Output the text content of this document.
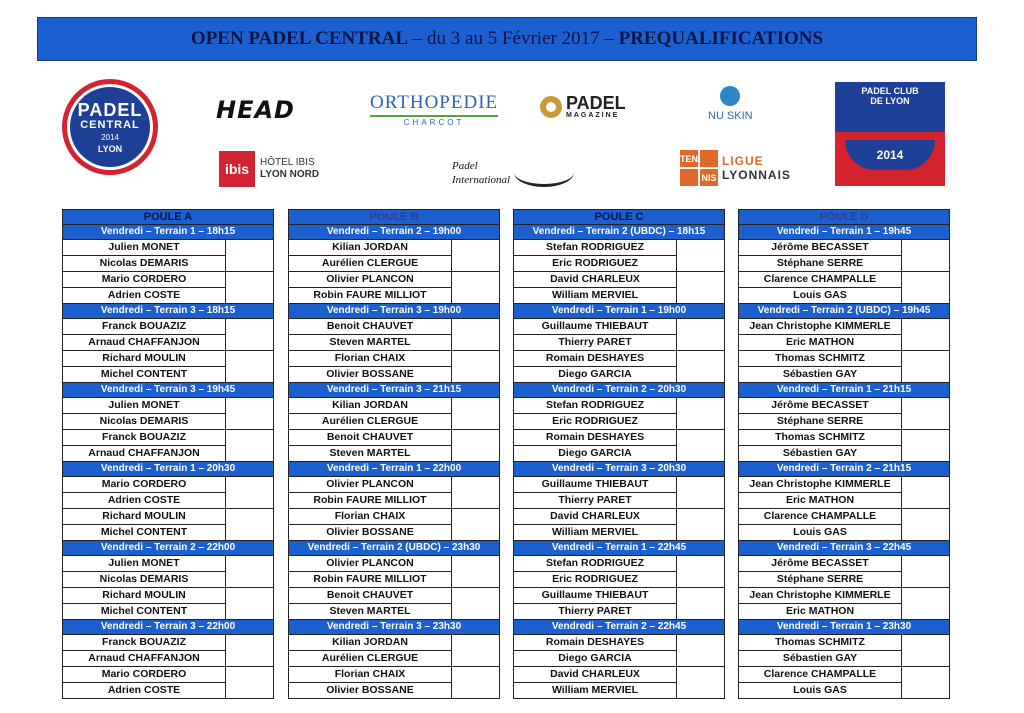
OPEN PADEL CENTRAL – du 3 au 5 Février 2017 – PREQUALIFICATIONS
PADEL
CENTRAL
2014
LYON
HEAD	ORTHOPEDIE
CHARCOT
PADEL
MAGAZINE	NU SKIN
ibis	HÔTEL IBIS
LYON NORD
Padel
International
TEN
NIS
LIGUE
LYONNAIS
PADEL CLUB
DE LYON
2014
POULE A
Vendredi – Terrain 1 – 18h15
Julien MONET
Nicolas DEMARIS
Mario CORDERO
Adrien COSTE
Vendredi – Terrain 3 – 18h15
Franck BOUAZIZ
Arnaud CHAFFANJON
Richard MOULIN
Michel CONTENT
Vendredi – Terrain 3 – 19h45
Julien MONET
Nicolas DEMARIS
Franck BOUAZIZ
Arnaud CHAFFANJON
Vendredi – Terrain 1 – 20h30
Mario CORDERO
Adrien COSTE
Richard MOULIN
Michel CONTENT
Vendredi – Terrain 2 – 22h00
Julien MONET
Nicolas DEMARIS
Richard MOULIN
Michel CONTENT
Vendredi – Terrain 3 – 22h00
Franck BOUAZIZ
Arnaud CHAFFANJON
Mario CORDERO
Adrien COSTE
POULE B
Vendredi – Terrain 2 – 19h00
Kilian JORDAN
Aurélien CLERGUE
Olivier PLANCON
Robin FAURE MILLIOT
Vendredi – Terrain 3 – 19h00
Benoit CHAUVET
Steven MARTEL
Florian CHAIX
Olivier BOSSANE
Vendredi – Terrain 3 – 21h15
Kilian JORDAN
Aurélien CLERGUE
Benoit CHAUVET
Steven MARTEL
Vendredi – Terrain 1 – 22h00
Olivier PLANCON
Robin FAURE MILLIOT
Florian CHAIX
Olivier BOSSANE
Vendredi – Terrain 2 (UBDC) – 23h30
Olivier PLANCON
Robin FAURE MILLIOT
Benoit CHAUVET
Steven MARTEL
Vendredi – Terrain 3 – 23h30
Kilian JORDAN
Aurélien CLERGUE
Florian CHAIX
Olivier BOSSANE
POULE C
Vendredi – Terrain 2 (UBDC) – 18h15
Stefan RODRIGUEZ
Eric RODRIGUEZ
David CHARLEUX
William MERVIEL
Vendredi – Terrain 1 – 19h00
Guillaume THIEBAUT
Thierry PARET
Romain DESHAYES
Diego GARCIA
Vendredi – Terrain 2 – 20h30
Stefan RODRIGUEZ
Eric RODRIGUEZ
Romain DESHAYES
Diego GARCIA
Vendredi – Terrain 3 – 20h30
Guillaume THIEBAUT
Thierry PARET
David CHARLEUX
William MERVIEL
Vendredi – Terrain 1 – 22h45
Stefan RODRIGUEZ
Eric RODRIGUEZ
Guillaume THIEBAUT
Thierry PARET
Vendredi – Terrain 2 – 22h45
Romain DESHAYES
Diego GARCIA
David CHARLEUX
William MERVIEL
POULE D
Vendredi – Terrain 1 – 19h45
Jérôme BECASSET
Stéphane SERRE
Clarence CHAMPALLE
Louis GAS
Vendredi – Terrain 2 (UBDC) – 19h45
Jean Christophe KIMMERLE
Eric MATHON
Thomas SCHMITZ
Sébastien GAY
Vendredi – Terrain 1 – 21h15
Jérôme BECASSET
Stéphane SERRE
Thomas SCHMITZ
Sébastien GAY
Vendredi – Terrain 2 – 21h15
Jean Christophe KIMMERLE
Eric MATHON
Clarence CHAMPALLE
Louis GAS
Vendredi – Terrain 3 – 22h45
Jérôme BECASSET
Stéphane SERRE
Jean Christophe KIMMERLE
Eric MATHON
Vendredi – Terrain 1 – 23h30
Thomas SCHMITZ
Sébastien GAY
Clarence CHAMPALLE
Louis GAS
